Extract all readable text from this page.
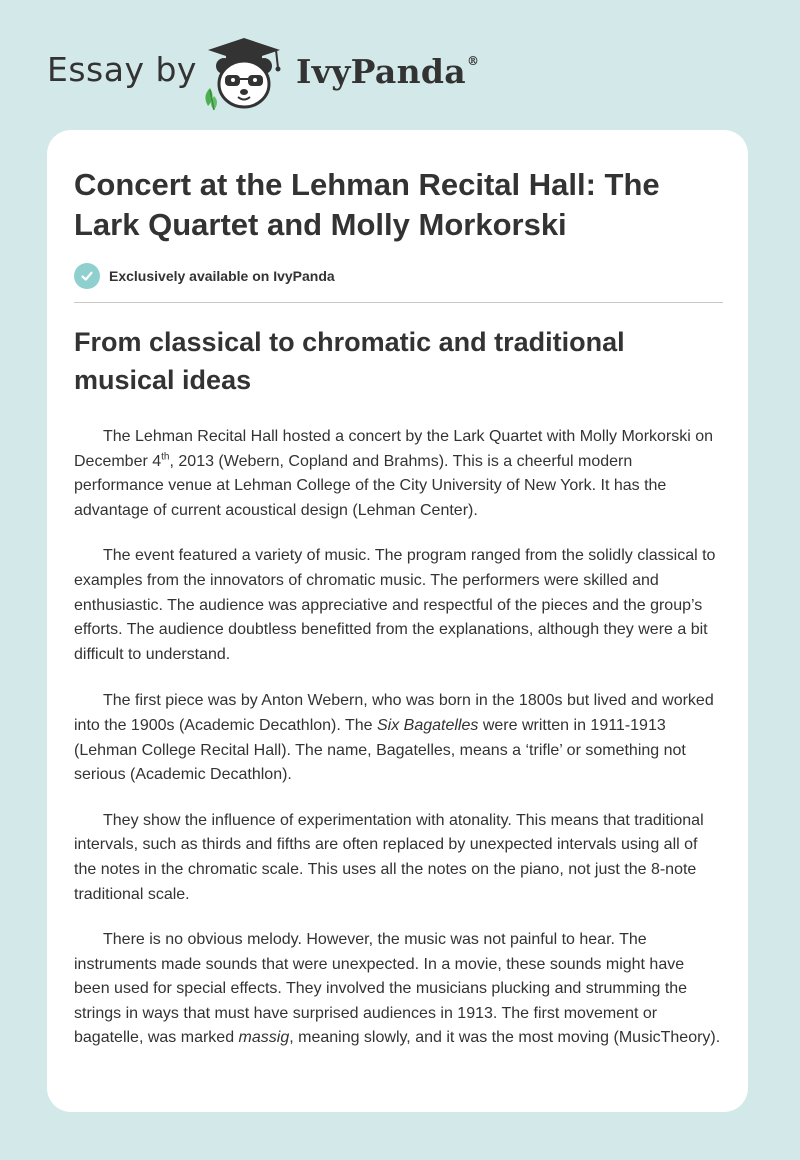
Essay by	IvyPanda®
Concert at the Lehman Recital Hall: The Lark Quartet and Molly Morkorski
Exclusively available on IvyPanda
From classical to chromatic and traditional musical ideas

The Lehman Recital Hall hosted a concert by the Lark Quartet with Molly Morkorski on December 4th, 2013 (Webern, Copland and Brahms). This is a cheerful modern performance venue at Lehman College of the City University of New York. It has the advantage of current acoustical design (Lehman Center).

The event featured a variety of music. The program ranged from the solidly classical to examples from the innovators of chromatic music. The performers were skilled and enthusiastic. The audience was appreciative and respectful of the pieces and the group’s efforts. The audience doubtless benefitted from the explanations, although they were a bit difficult to understand.

The first piece was by Anton Webern, who was born in the 1800s but lived and worked into the 1900s (Academic Decathlon). The Six Bagatelles were written in 1911-1913 (Lehman College Recital Hall). The name, Bagatelles, means a ‘trifle’ or something not serious (Academic Decathlon).

They show the influence of experimentation with atonality. This means that traditional intervals, such as thirds and fifths are often replaced by unexpected intervals using all of the notes in the chromatic scale. This uses all the notes on the piano, not just the 8-note traditional scale.

There is no obvious melody. However, the music was not painful to hear. The instruments made sounds that were unexpected. In a movie, these sounds might have been used for special effects. They involved the musicians plucking and strumming the strings in ways that must have surprised audiences in 1913. The first movement or bagatelle, was marked massig, meaning slowly, and it was the most moving (MusicTheory).
